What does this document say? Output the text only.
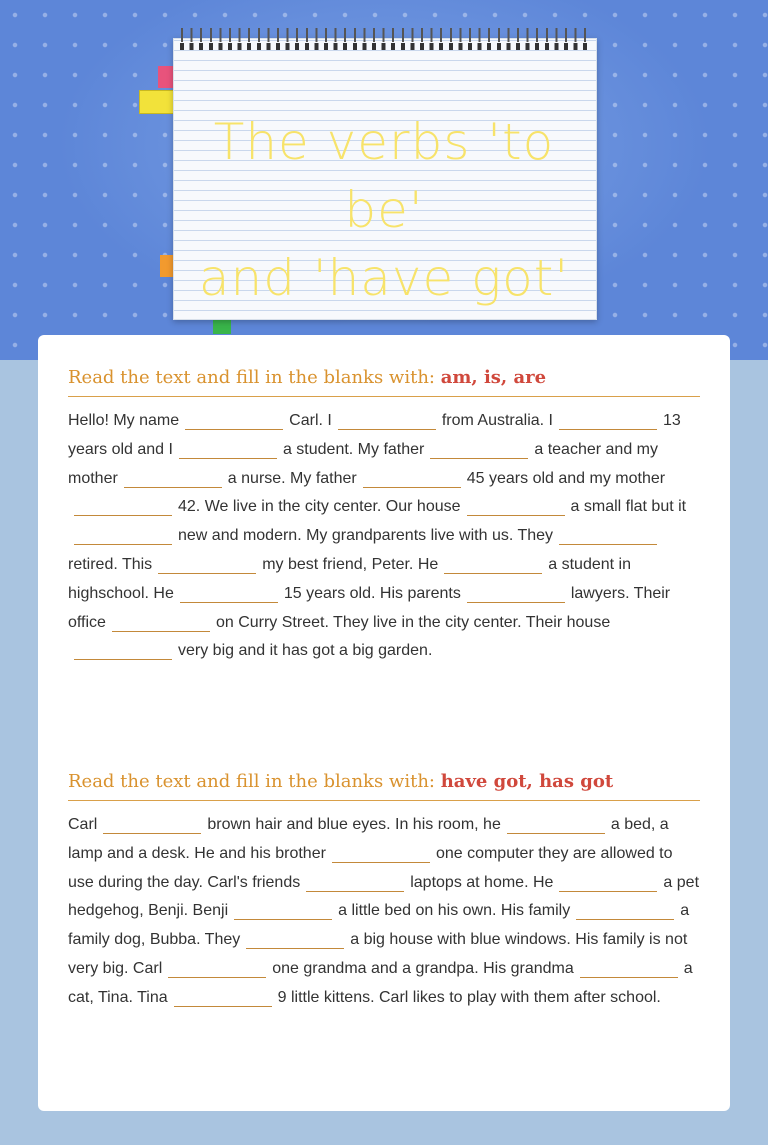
The verbs 'to be'
and 'have got'
Read the text and fill in the blanks with: am, is, are
Hello! My name	Carl. I	from Australia. I	13 years old and I	a student. My father	a teacher and my mother	a nurse. My father	45 years old and my mother42. We live in the city center. Our house	a small flat but itnew and modern. My grandparents live with us. Theyretired. This	my best friend, Peter. He	a student in highschool. He	15 years old. His parents	lawyers. Their office	on Curry Street. They live in the city center. Their housevery big and it has got a big garden.
Read the text and fill in the blanks with: have got, has got
Carl	brown hair and blue eyes. In his room, he	a bed, a lamp and a desk. He and his brother	one computer they are allowed to use during the day. Carl's friends	laptops at home. He	a pet hedgehog, Benji. Benji	a little bed on his own. His family	a family dog, Bubba. They	a big house with blue windows. His family is not very big. Carl	one grandma and a grandpa. His grandma	a cat, Tina. Tina	9 little kittens. Carl likes to play with them after school.
